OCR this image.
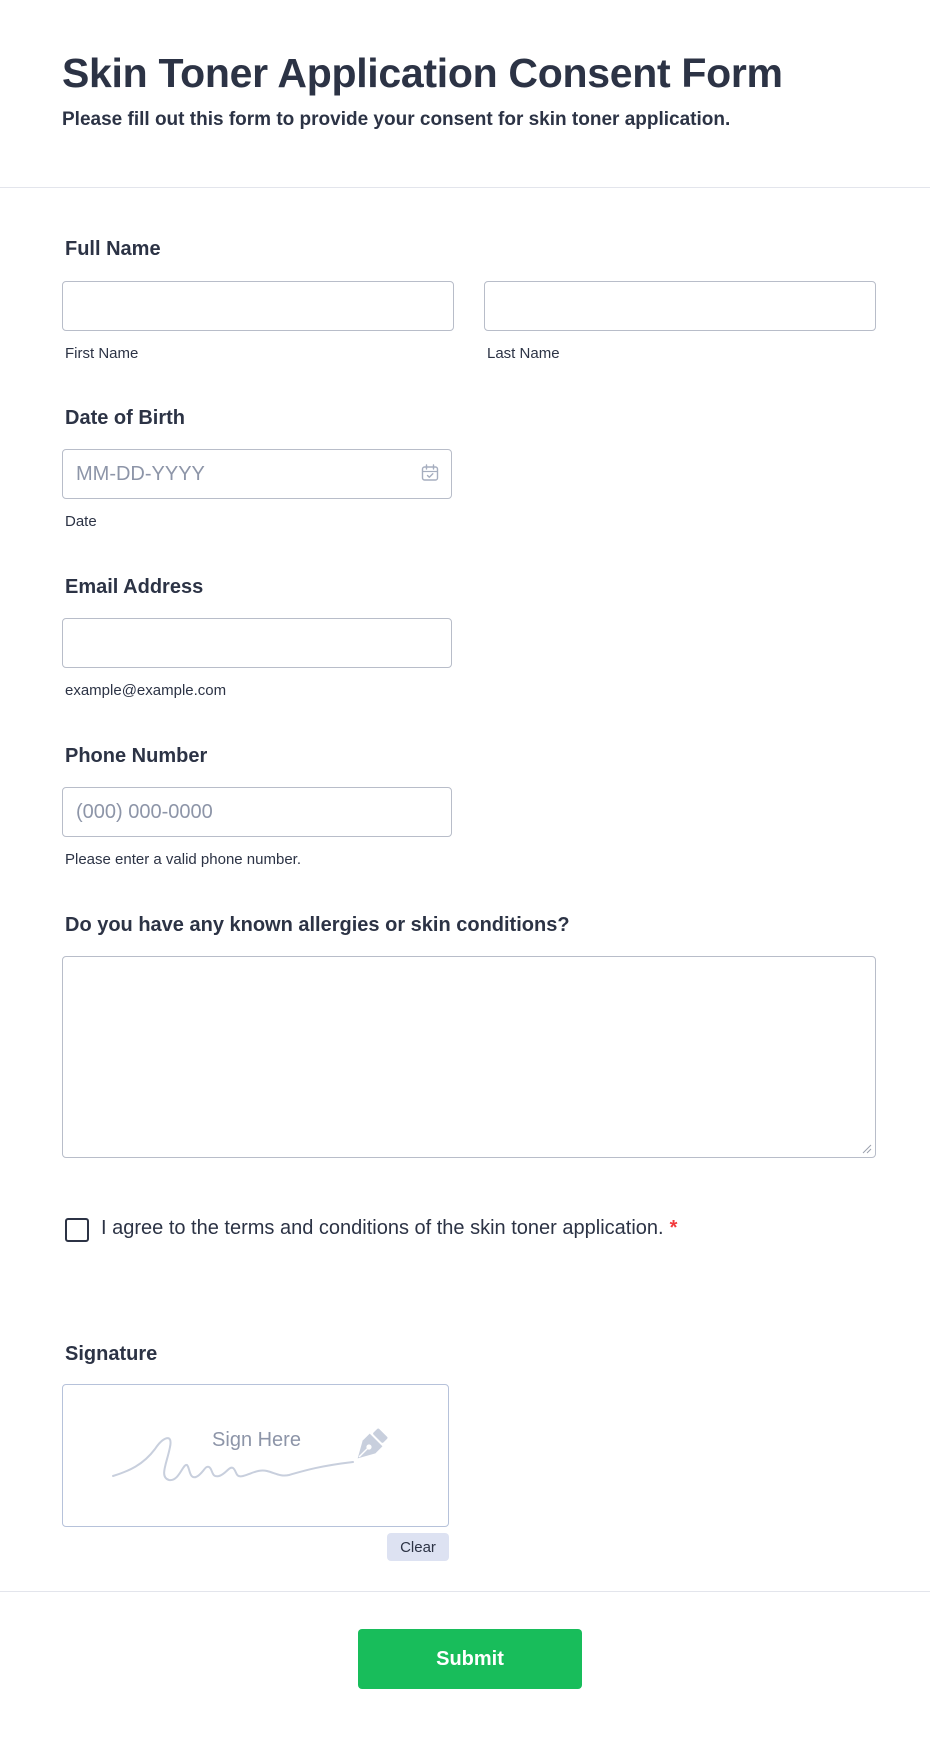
Skin Toner Application Consent Form

Please fill out this form to provide your consent for skin toner application.

Full Name
First Name	Last Name
Date of Birth
MM-DD-YYYY
Date
Email Address
example@example.com
Phone Number
(000) 000-0000
Please enter a valid phone number.
Do you have any known allergies or skin conditions?
I agree to the terms and conditions of the skin toner application. *
Signature
Sign Here
Clear
Submit
